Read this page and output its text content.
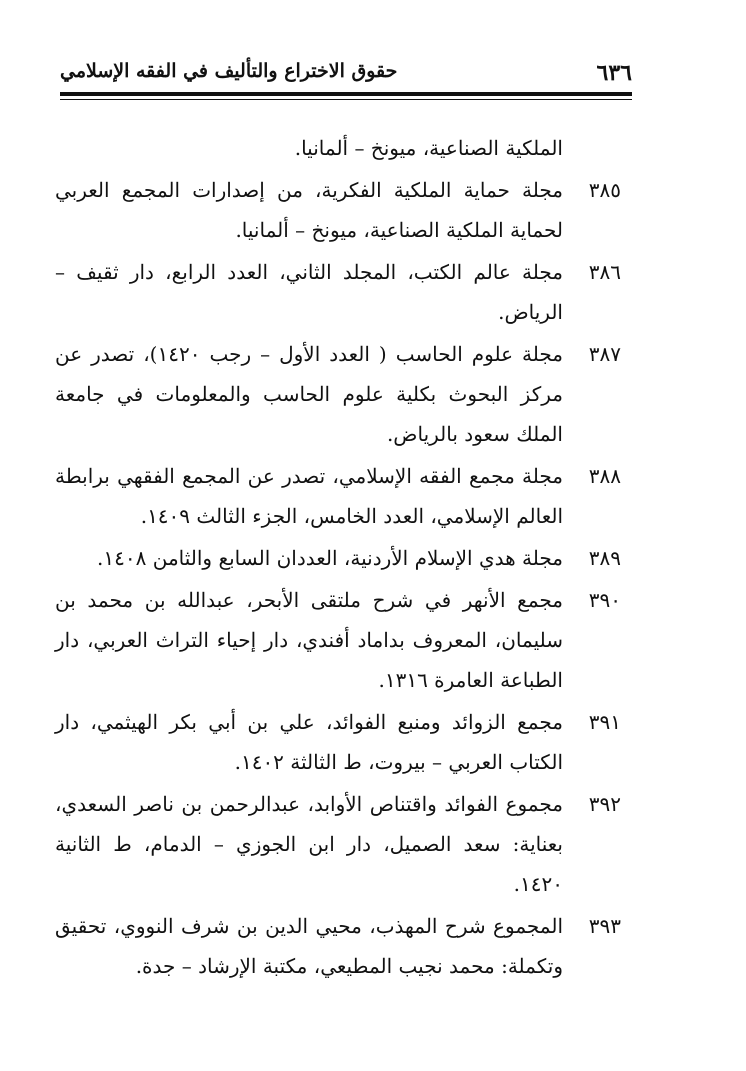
٦٣٦
حقوق الاختراع والتأليف في الفقه الإسلامي
الملكية الصناعية، ميونخ – ألمانيا.
٣٨٥
مجلة حماية الملكية الفكرية، من إصدارات المجمع العربي لحماية الملكية الصناعية، ميونخ – ألمانيا.
٣٨٦
مجلة عالم الكتب، المجلد الثاني، العدد الرابع، دار ثقيف – الرياض.
٣٨٧
مجلة علوم الحاسب ( العدد الأول – رجب ١٤٢٠)، تصدر عن مركز البحوث بكلية علوم الحاسب والمعلومات في جامعة الملك سعود بالرياض.
٣٨٨
مجلة مجمع الفقه الإسلامي، تصدر عن المجمع الفقهي برابطة العالم الإسلامي، العدد الخامس، الجزء الثالث ١٤٠٩.
٣٨٩
مجلة هدي الإسلام الأردنية، العددان السابع والثامن ١٤٠٨.
٣٩٠
مجمع الأنهر في شرح ملتقى الأبحر، عبدالله بن محمد بن سليمان، المعروف بداماد أفندي، دار إحياء التراث العربي، دار الطباعة العامرة ١٣١٦.
٣٩١
مجمع الزوائد ومنبع الفوائد، علي بن أبي بكر الهيثمي، دار الكتاب العربي – بيروت، ط الثالثة ١٤٠٢.
٣٩٢
مجموع الفوائد واقتناص الأوابد، عبدالرحمن بن ناصر السعدي، بعناية: سعد الصميل، دار ابن الجوزي – الدمام، ط الثانية ١٤٢٠.
٣٩٣
المجموع شرح المهذب، محيي الدين بن شرف النووي، تحقيق وتكملة: محمد نجيب المطيعي، مكتبة الإرشاد – جدة.
